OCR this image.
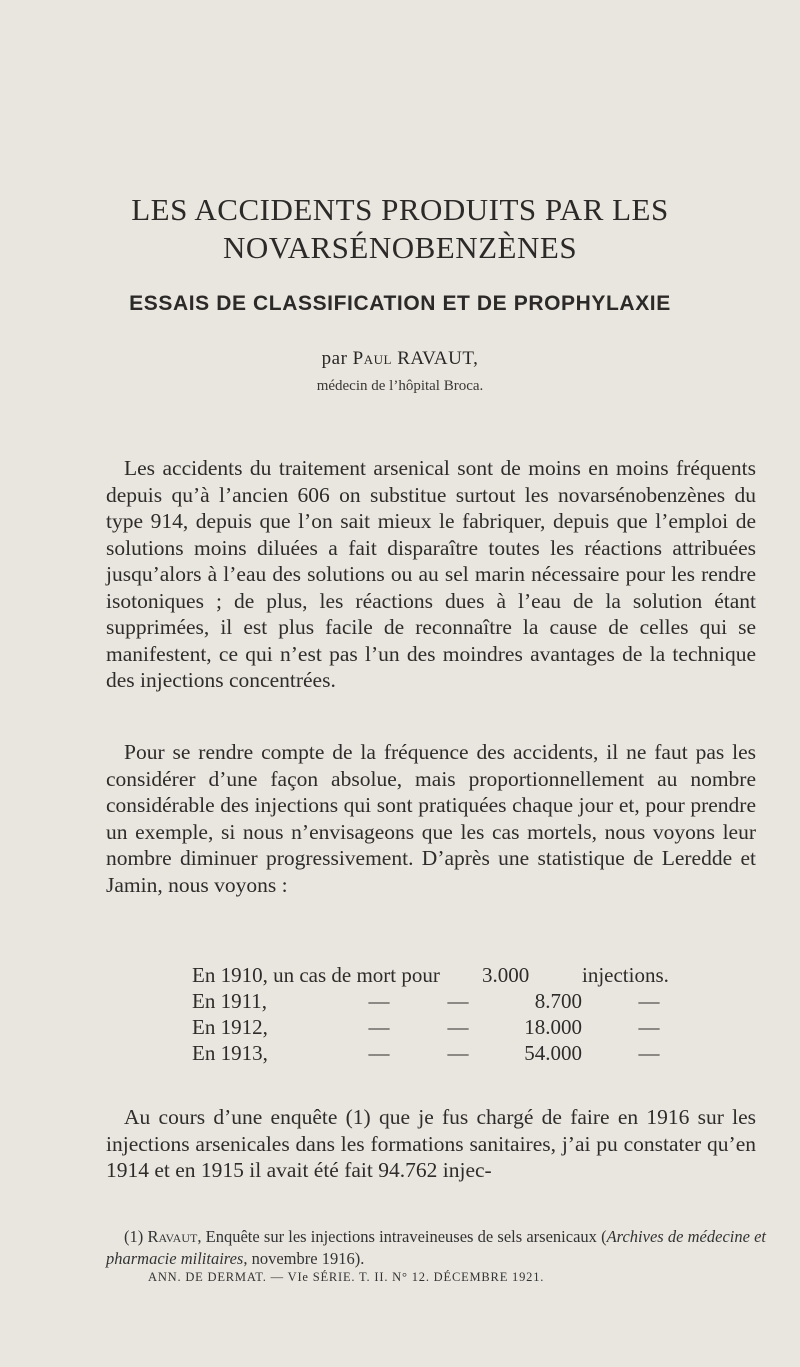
LES ACCIDENTS PRODUITS PAR LES
NOVARSÉNOBENZÈNES
ESSAIS DE CLASSIFICATION ET DE PROPHYLAXIE
par Paul RAVAUT,
médecin de l’hôpital Broca.

Les accidents du traitement arsenical sont de moins en moins fréquents depuis qu’à l’ancien 606 on substitue surtout les novarsénobenzènes du type 914, depuis que l’on sait mieux le fabriquer, depuis que l’emploi de solutions moins diluées a fait disparaître toutes les réactions attribuées jusqu’alors à l’eau des solutions ou au sel marin nécessaire pour les rendre isotoniques ; de plus, les réactions dues à l’eau de la solution étant supprimées, il est plus facile de reconnaître la cause de celles qui se manifestent, ce qui n’est pas l’un des moindres avantages de la technique des injections concentrées.

Pour se rendre compte de la fréquence des accidents, il ne faut pas les considérer d’une façon absolue, mais proportionnellement au nombre considérable des injections qui sont pratiquées chaque jour et, pour prendre un exemple, si nous n’envisageons que les cas mortels, nous voyons leur nombre diminuer progressivement. D’après une statistique de Leredde et Jamin, nous voyons :

En 1910, un cas de mort pour	3.000	injections.
En 1911,	—	—	8.700	—
En 1912,	—	—	18.000	—
En 1913,	—	—	54.000	—

Au cours d’une enquête (1) que je fus chargé de faire en 1916 sur les injections arsenicales dans les formations sanitaires, j’ai pu constater qu’en 1914 et en 1915 il avait été fait 94.762 injec-

(1) Ravaut, Enquête sur les injections intraveineuses de sels arsenicaux (Archives de médecine et pharmacie militaires, novembre 1916).
ANN. DE DERMAT. — VIe SÉRIE. T. II. N° 12. DÉCEMBRE 1921.
